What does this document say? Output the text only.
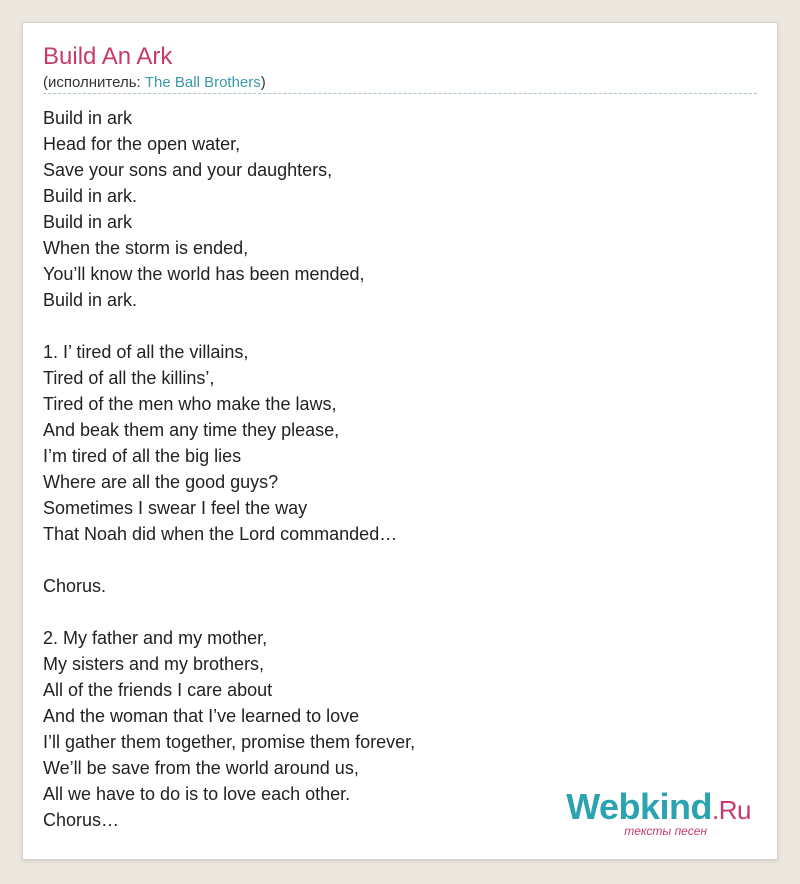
Build An Ark
(исполнитель: The Ball Brothers)
Build in ark
Head for the open water,
Save your sons and your daughters,
Build in ark.
Build in ark
When the storm is ended,
You’ll know the world has been mended,
Build in ark.
1. I’ tired of all the villains,
Tired of all the killins’,
Tired of the men who make the laws,
And beak them any time they please,
I’m tired of all the big lies
Where are all the good guys?
Sometimes I swear I feel the way
That Noah did when the Lord commanded…
Chorus.
2. My father and my mother,
My sisters and my brothers,
All of the friends I care about
And the woman that I’ve learned to love
I’ll gather them together, promise them forever,
We’ll be save from the world around us,
All we have to do is to love each other.
Chorus…	Webkind.Ru
тексты песен
